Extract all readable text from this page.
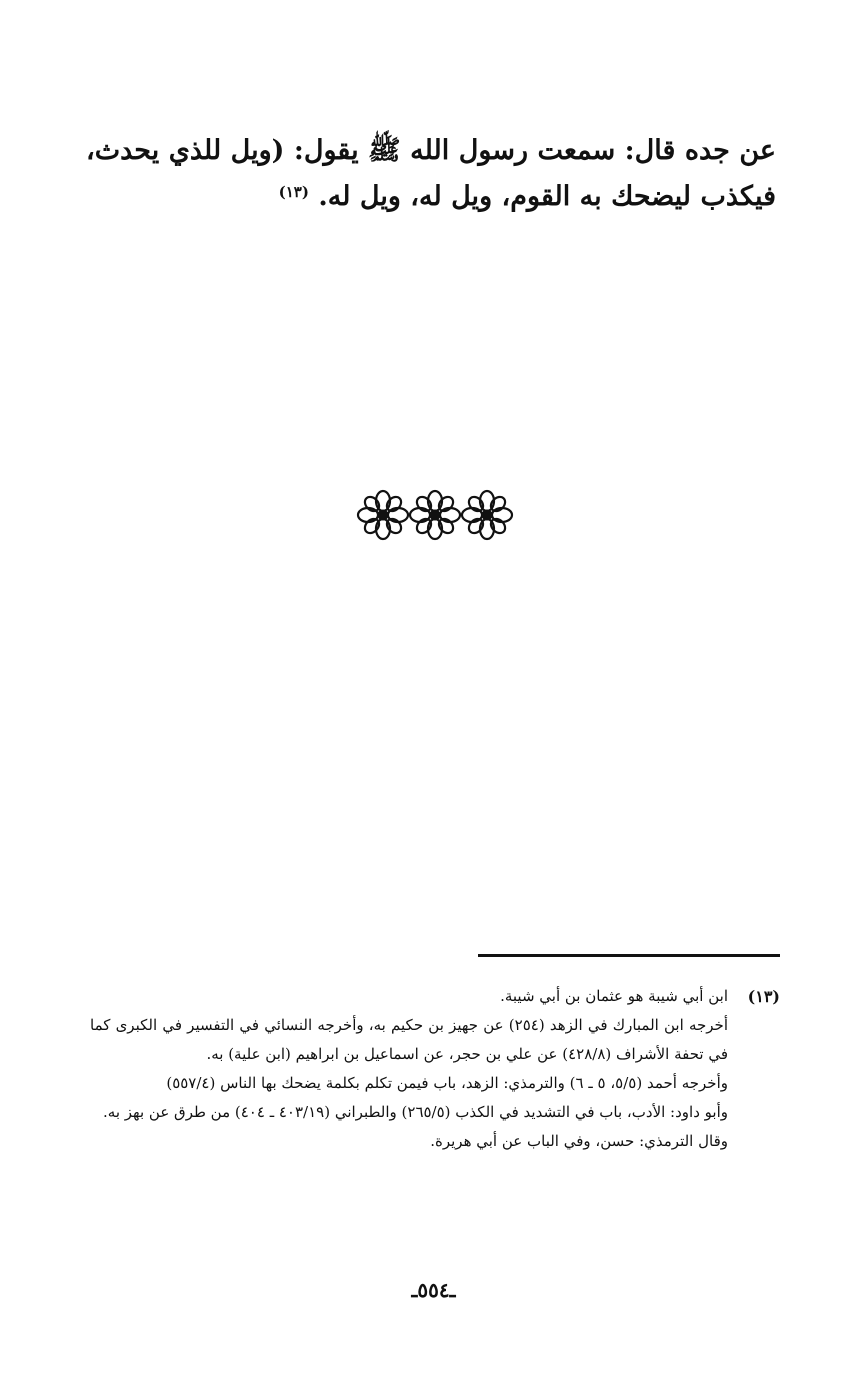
عن جده قال: سمعت رسول الله ﷺ يقول: (ويل للذي يحدث، فيكذب ليضحك به القوم، ويل له، ويل له. $^{(١٣)}$

(١٣)
ابن أبي شيبة هو عثمان بن أبي شيبة.
أخرجه ابن المبارك في الزهد (٢٥٤) عن جهيز بن حكيم به، وأخرجه النسائي في التفسير في الكبرى كما في تحفة الأشراف (٤٢٨/٨) عن علي بن حجر، عن اسماعيل بن ابراهيم (ابن علية) به.
وأخرجه أحمد (٥/٥، ٥ ـ ٦) والترمذي: الزهد، باب فيمن تكلم بكلمة يضحك بها الناس (٥٥٧/٤)
وأبو داود: الأدب، باب في التشديد في الكذب (٢٦٥/٥) والطبراني (٤٠٣/١٩ ـ ٤٠٤) من طرق عن بهز به.
وقال الترمذي: حسن، وفي الباب عن أبي هريرة.
ـ٥٥٤ـ
